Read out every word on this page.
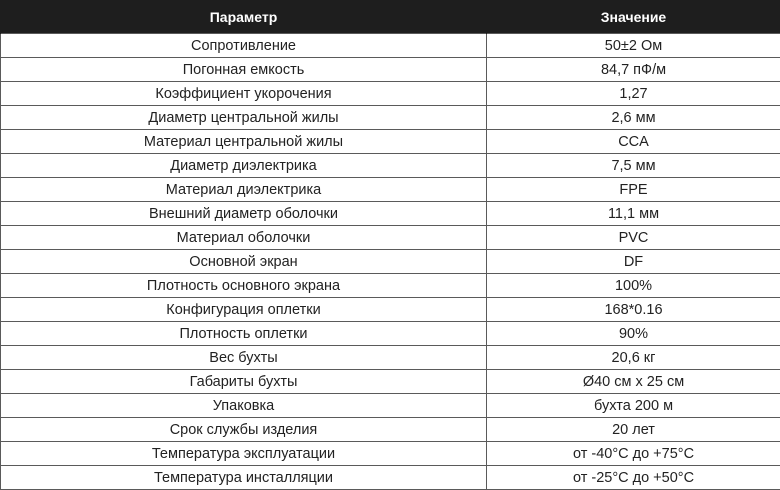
Параметр	Значение
Сопротивление	50±2 Ом
Погонная емкость	84,7 пФ/м
Коэффициент укорочения	1,27
Диаметр центральной жилы	2,6 мм
Материал центральной жилы	CCA
Диаметр диэлектрика	7,5 мм
Материал диэлектрика	FPE
Внешний диаметр оболочки	11,1 мм
Материал оболочки	PVC
Основной экран	DF
Плотность основного экрана	100%
Конфигурация оплетки	168*0.16
Плотность оплетки	90%
Вес бухты	20,6 кг
Габариты бухты	Ø40 см х 25 см
Упаковка	бухта 200 м
Срок службы изделия	20 лет
Температура эксплуатации	от -40°С до +75°С
Температура инсталляции	от -25°С до +50°С
